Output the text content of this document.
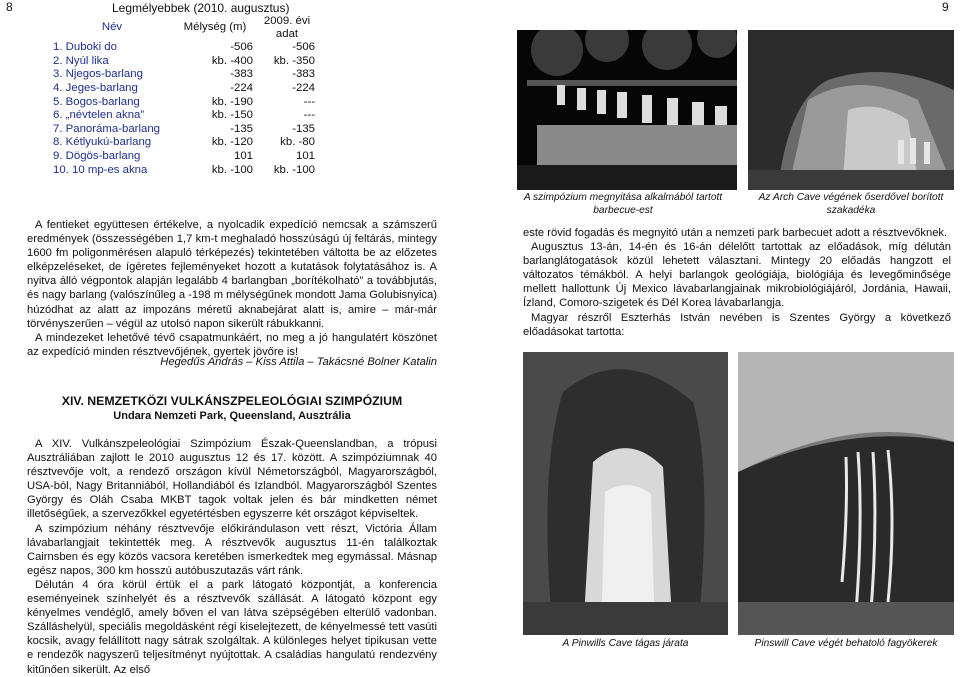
8	9
Legmélyebbek (2010. augusztus)
Név	Mélység (m)	2009. évi adat
1. Duboki do	-506	-506
2. Nyúl lika	kb. -400	kb. -350
3. Njegos-barlang	-383	-383
4. Jeges-barlang	-224	-224
5. Bogos-barlang	kb. -190	---
6. „névtelen akna”	kb. -150	---
7. Panoráma-barlang	-135	-135
8. Kétlyukú-barlang	kb. -120	kb. -80
9. Dögös-barlang	101	101
10. 10 mp-es akna	kb. -100	kb. -100

A fentieket együttesen értékelve, a nyolcadik expedíció nemcsak a számszerű eredmények (összességében 1,7 km-t meghaladó hosszúságú új feltárás, mintegy 1600 fm poligonmérésen alapuló térképezés) tekintetében váltotta be az előzetes elképzeléseket, de ígéretes fejleményeket hozott a kutatások folytatásához is. A nyitva álló végpontok alapján legalább 4 barlangban „borítékolható” a továbbjutás, és nagy barlang (valószínűleg a -198 m mélységűnek mondott Jama Golubisnyica) húzódhat az alatt az impozáns méretű aknabejárat alatt is, amire – már-már törvényszerűen – végül az utolsó napon sikerült rábukkanni.

A mindezeket lehetővé tévő csapatmunkáért, no meg a jó hangulatért köszönet az expedíció minden résztvevőjének, gyertek jövőre is!

Hegedűs András – Kiss Attila – Takácsné Bolner Katalin
XIV. NEMZETKÖZI VULKÁNSZPELEOLÓGIAI SZIMPÓZIUM
Undara Nemzeti Park, Queensland, Ausztrália

A XIV. Vulkánszpeleológiai Szimpózium Észak-Queenslandban, a trópusi Ausztráliában zajlott le 2010 augusztus 12 és 17. között. A szimpóziumnak 40 résztvevője volt, a rendező országon kívül Németországból, Magyarországból, USA-ból, Nagy Britanniából, Hollandiából és Izlandból. Magyarországból Szentes György és Oláh Csaba MKBT tagok voltak jelen és bár mindketten német illetőségűek, a szervezőkkel egyetértésben egyszerre két országot képviseltek.

A szimpózium néhány résztvevője előkirándulason vett részt, Victória Állam lávabarlangjait tekintették meg. A résztvevők augusztus 11-én találkoztak Cairnsben és egy közös vacsora keretében ismerkedtek meg egymással. Másnap egész napos, 300 km hosszú autóbuszutazás várt ránk.

Délután 4 óra körül értük el a park látogató központját, a konferencia eseményeinek színhelyét és a résztvevők szállását. A látogató központ egy kényelmes vendéglő, amely bőven el van látva szépségében elterülő vadonban. Szálláshelyül, speciális megoldásként régi kiselejtezett, de kényelmessé tett vasúti kocsik, avagy felállított nagy sátrak szolgáltak. A különleges helyet tipikusan vette e rendezők nagyszerű teljesítményt nyújtottak. A családias hangulatú rendezvény kitűnően sikerült. Az első

A szimpózium megnyitása alkalmából tartott barbecue-est
Az Arch Cave végének őserdővel borított szakadéka

este rövid fogadás és megnyitó után a nemzeti park barbecuet adott a résztvevőknek.

Augusztus 13-án, 14-én és 16-án délelőtt tartottak az előadások, míg délután barlanglátogatások közül lehetett választani. Mintegy 20 előadás hangzott el változatos témákból. A helyi barlangok geológiája, biológiája és levegőminősége mellett hallottunk Új Mexico lávabarlangjainak mikrobiológiájáról, Jordánia, Hawaii, Ízland, Comoro-szigetek és Dél Korea lávabarlangja.

Magyar részről Eszterhás István nevében is Szentes György a következő előadásokat tartotta:

A Pinwills Cave tágas járata	Pinswill Cave végét behatoló fagyökerek
